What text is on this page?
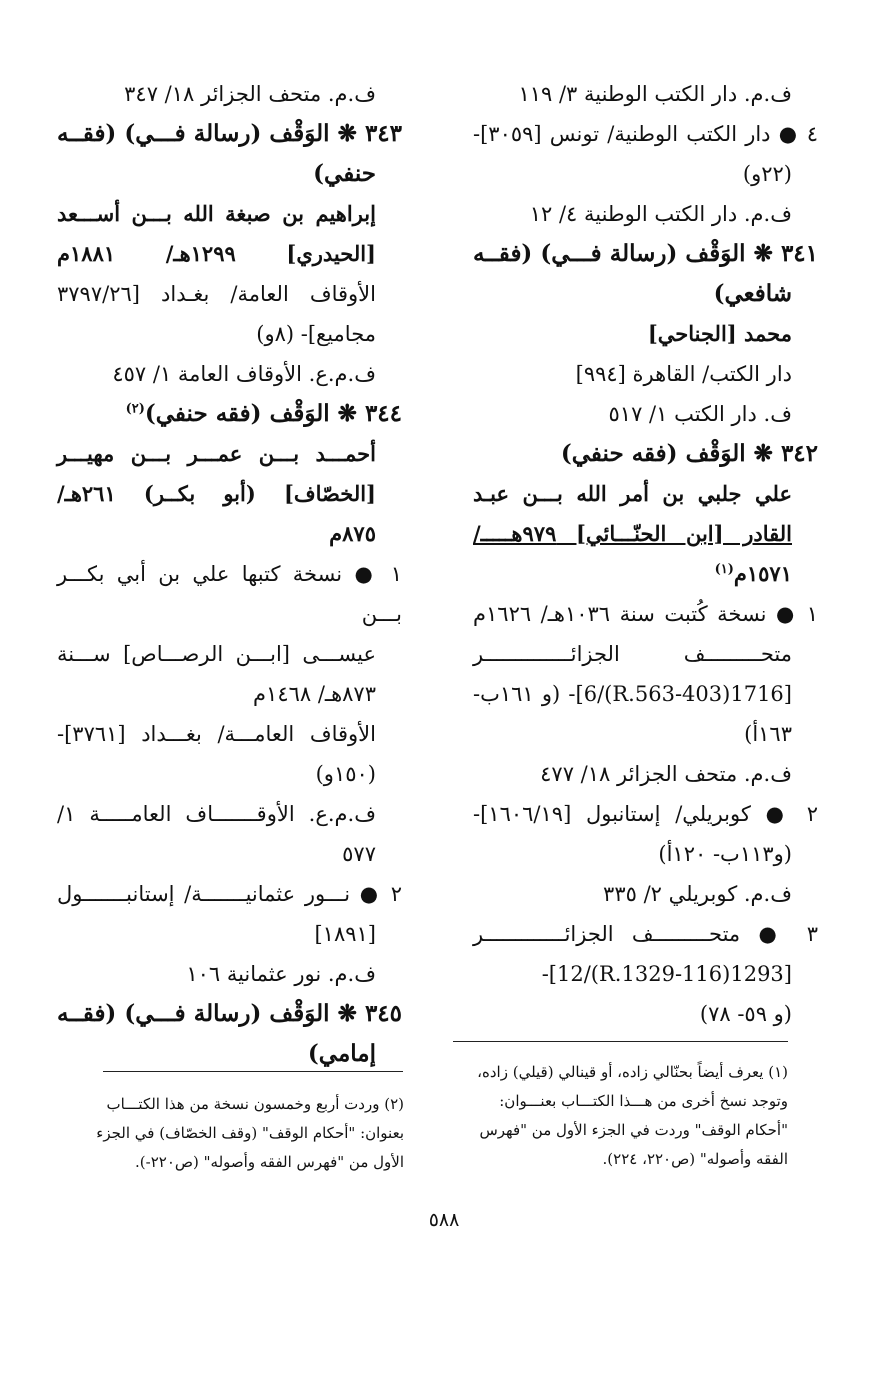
ف.م. دار الكتب الوطنية ٣/ ١١٩
٤ ● دار الكتب الوطنية/ تونس [٣٠٥٩]-
(٢٢و)
ف.م. دار الكتب الوطنية ٤/ ١٢
٣٤١ ❋ الوَقْف (رسالة فـــي) (فقــه
شافعي)
محمد [الجناحي]
دار الكتب/ القاهرة [٩٩٤]
ف. دار الكتب ١/ ٥١٧
٣٤٢ ❋ الوَقْف (فقه حنفي)
علي جلبي بن أمر الله بـــن عبـد
القادر [ابن الحنّـــائي] ٩٧٩هـــــ/
١٥٧١م$^{(١)}$
١ ● نسخة كُتبت سنة ١٠٣٦هـ/ ١٦٢٦م
متحـــــــــف الجزائــــــــــــــر
[1716(403-R.563)/6]- (و ١٦١ب-
١٦٣أ)
ف.م. متحف الجزائر ١٨/ ٤٧٧
٢ ● كوبريلي/ إستانبول [١٦٠٦/١٩]-
(و١١٣ب- ١٢٠أ)
ف.م. كوبريلي ٢/ ٣٣٥
٣ ● متحـــــــــف الجزائـــــــــــــر
[1293(116-R.1329)/12]-
(و ٥٩- ٧٨)
ف.م. متحف الجزائر ١٨/ ٣٤٧
٣٤٣ ❋ الوَقْف (رسالة فـــي) (فقــه
حنفي)
إبراهيم بن صبغة الله بـــن أســـعد
[الحيدري] ١٢٩٩هـ/ ١٨٨١م
الأوقاف العامة/ بغـداد [٣٧٩٧/٢٦
مجاميع]- (٨و)
ف.م.ع. الأوقاف العامة ١/ ٤٥٧
٣٤٤ ❋ الوَقْف (فقه حنفي)$^{(٢)}$
أحمـــد بـــن عمـــر بـــن مهيـــر
[الخصّاف] (أبو بكــر) ٢٦١هـ/
٨٧٥م
١ ● نسخة كتبها علي بن أبي بكـــر بـــن
عيســـى [ابـــن الرصـــاص] ســـنة
٨٧٣هـ/ ١٤٦٨م
الأوقاف العامـــة/ بغـــداد [٣٧٦١]-
(١٥٠و)
ف.م.ع. الأوقـــــــاف العامـــــة ١/
٥٧٧
٢ ● نـــور عثمانيـــــــة/ إستانبـــــــول
[١٨٩١]
ف.م. نور عثمانية ١٠٦
٣٤٥ ❋ الوَقْف (رسالة فـــي) (فقــه
إمامي)
(١) يعرف أيضاً بحنّالي زاده، أو قينالي (قيلي) زاده،
وتوجد نسخ أخرى من هـــذا الكتـــاب بعنـــوان:
"أحكام الوقف" وردت في الجزء الأول من "فهرس
الفقه وأصوله" (ص٢٢٠، ٢٢٤).
(٢) وردت أربع وخمسون نسخة من هذا الكتـــاب
بعنوان: "أحكام الوقف" (وقف الخصّاف) في الجزء
الأول من "فهرس الفقه وأصوله" (ص٢٢٠-).
٥٨٨
